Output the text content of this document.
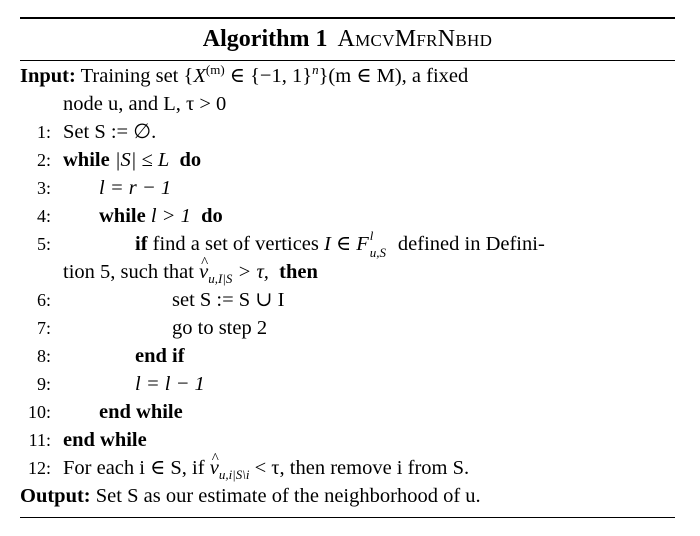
Algorithm 1 AmcvMfrNbhd
Input: Training set {$X^{(m)}$ ∈ {−1, 1}$^n$}(m ∈ M), a fixed
node u, and L, τ > 0
1: Set S := ∅.
2: while |S| ≤ L do
3: l = r − 1
4: while l > 1 do
5:	if find a set of vertices I ∈ F l
u,S defined in Defini-
tion 5, such that ^ $v_{u,I|S} > \tau$, then
6:	set S := S ∪ I
7:	go to step 2
8:	end if
9:	l = l − 1
10: end while
11: end while
12: For each i ∈ S, if ^ $v_{u,i|S\backslash i} < \tau$, then remove i from S.
Output: Set S as our estimate of the neighborhood of u.
